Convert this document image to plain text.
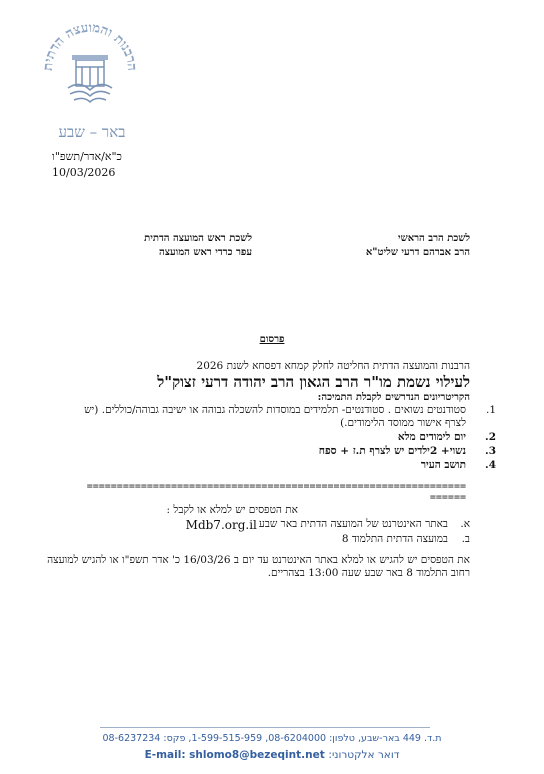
הרבנות והמועצה הדתית
באר – שבע
כ"א/אדר/תשפ"ו
10/03/2026
לשכת הרב הראשי
הרב אברהם דרעי שליט"א
לשכת ראש המועצה הדתית
עפר כרדי ראש המועצה
פרסום
הרבנות והמועצה הדתית החליטה לחלק קמחא דפסחא לשנת 2026
לעילוי נשמת מו"ר הרב הגאון הרב יהודה דרעי זצוק"ל
הקריטריונים הנדרשים לקבלת התמיכה:
1.
סטודנטים נשואים . סטודנטים- תלמידים במוסדות להשכלה גבוהה או ישיבה גבוהה/כוללים. (יש לצרף אישור ממוסד הלימודים.)
2.
יום לימודים מלא
3.
נשוי+ 2ילדים יש לצרף ת.ז + ספח
4.
תושב העיר
=====================================================================
את הטפסים יש למלא או לקבל :
א.
באתר האינטרנט של המועצה הדתית באר שבע
Mdb7.org.il
ב.
במועצה הדתית התלמוד 8
את הטפסים יש להגיש או למלא באתר האינטרנט עד יום ב 16/03/26 כ' אדר תשפ"ו או להגיש למועצה רחוב התלמוד 8 באר שבע שעה 13:00 בצהריים.
ת.ד. 449 באר-שבע, טלפון: 08-6204000, 1-599-515-959, פקס: 08-6237234
E-mail: shlomo8@bezeqint.net דואר אלקטרוני:
